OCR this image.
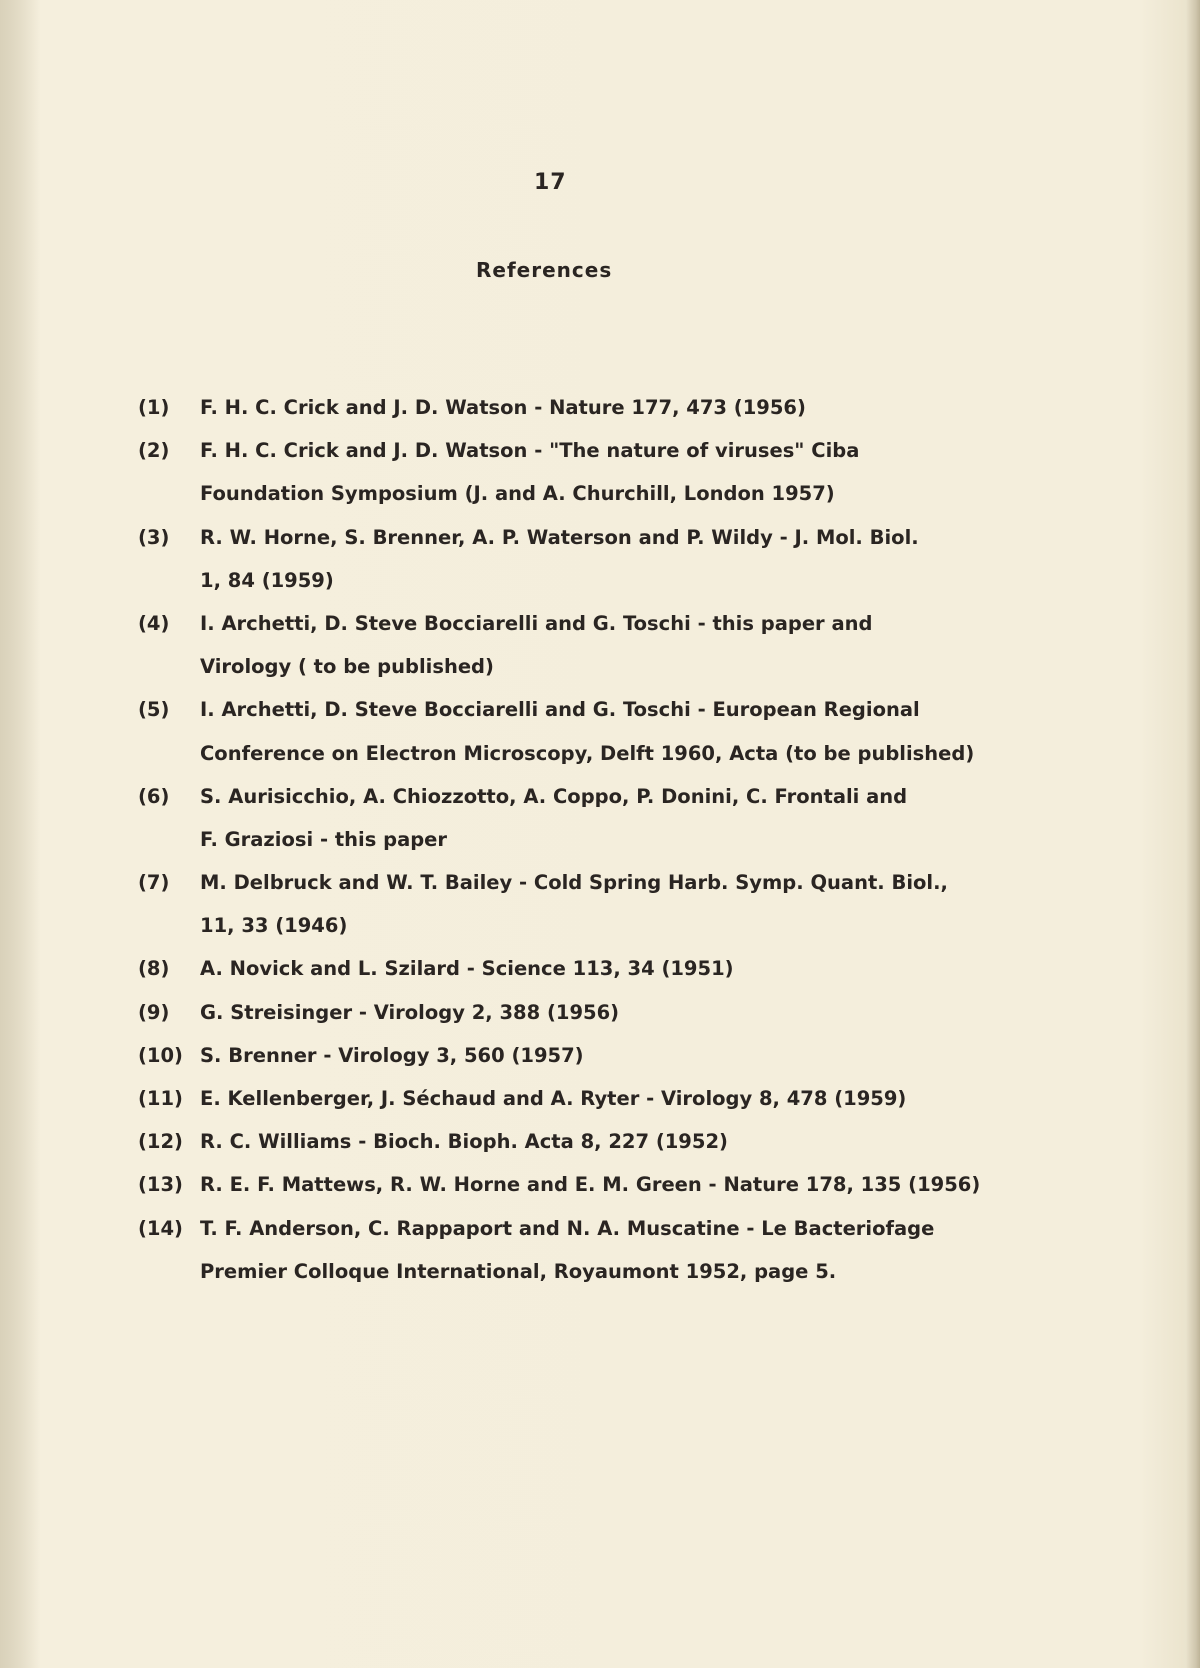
17
References
(1) F. H. C. Crick and J. D. Watson - Nature 177, 473 (1956)
(2) F. H. C. Crick and J. D. Watson - "The nature of viruses" Ciba
Foundation Symposium (J. and A. Churchill, London 1957)
(3) R. W. Horne, S. Brenner, A. P. Waterson and P. Wildy - J. Mol. Biol.
1, 84 (1959)
(4) I. Archetti, D. Steve Bocciarelli and G. Toschi - this paper and
Virology ( to be published)
(5) I. Archetti, D. Steve Bocciarelli and G. Toschi - European Regional
Conference on Electron Microscopy, Delft 1960, Acta (to be published)
(6) S. Aurisicchio, A. Chiozzotto, A. Coppo, P. Donini, C. Frontali and
F. Graziosi - this paper
(7) M. Delbruck and W. T. Bailey - Cold Spring Harb. Symp. Quant. Biol.,
11, 33 (1946)
(8) A. Novick and L. Szilard - Science 113, 34 (1951)
(9) G. Streisinger - Virology 2, 388 (1956)
(10) S. Brenner - Virology 3, 560 (1957)
(11) E. Kellenberger, J. Séchaud and A. Ryter - Virology 8, 478 (1959)
(12) R. C. Williams - Bioch. Bioph. Acta 8, 227 (1952)
(13) R. E. F. Mattews, R. W. Horne and E. M. Green - Nature 178, 135 (1956)
(14) T. F. Anderson, C. Rappaport and N. A. Muscatine - Le Bacteriofage
Premier Colloque International, Royaumont 1952, page 5.
